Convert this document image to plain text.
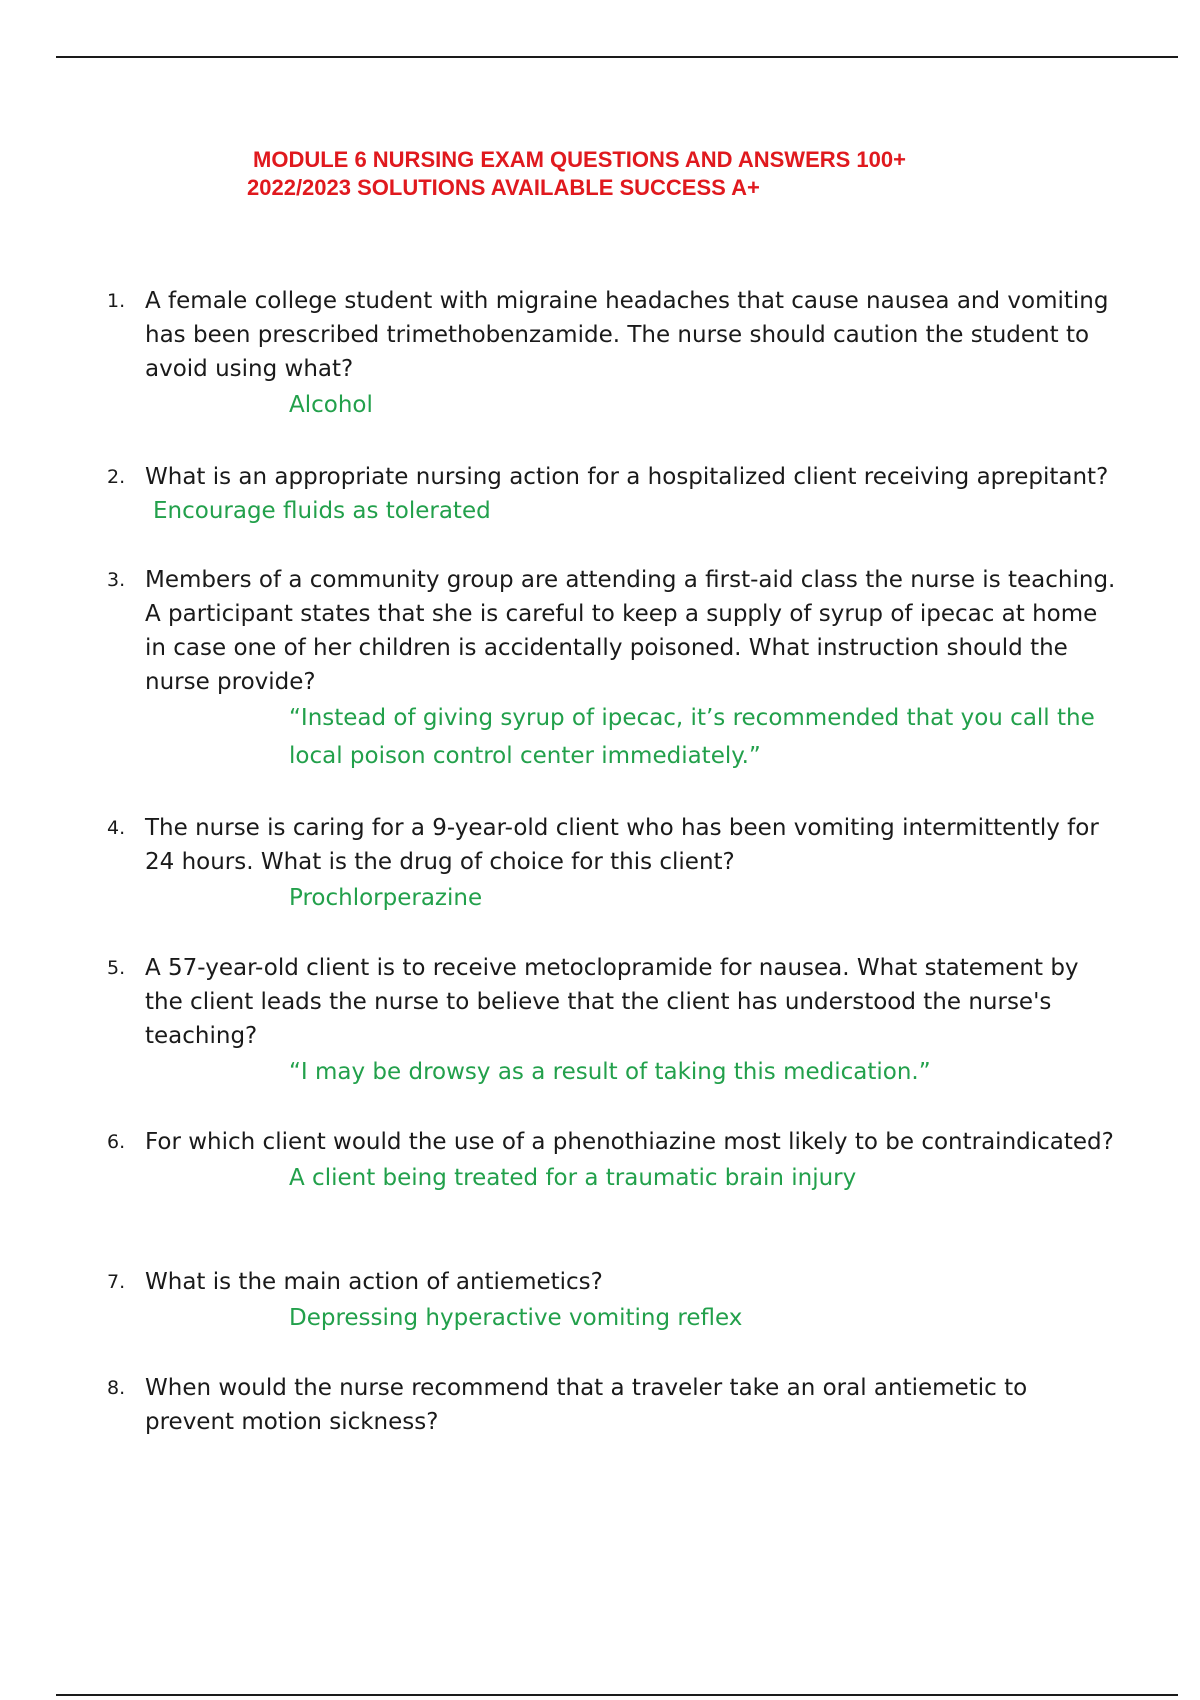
MODULE 6 NURSING EXAM QUESTIONS AND ANSWERS 100+
2022/2023 SOLUTIONS AVAILABLE SUCCESS A+
1. A female college student with migraine headaches that cause nausea and vomiting has been prescribed trimethobenzamide. The nurse should caution the student to avoid using what?
Alcohol
2. What is an appropriate nursing action for a hospitalized client receiving aprepitant?Encourage fluids as tolerated
3. Members of a community group are attending a first-aid class the nurse is teaching. A participant states that she is careful to keep a supply of syrup of ipecac at home in case one of her children is accidentally poisoned. What instruction should the nurse provide?
“Instead of giving syrup of ipecac, it’s recommended that you call the local poison control center immediately.”
4. The nurse is caring for a 9-year-old client who has been vomiting intermittently for 24 hours. What is the drug of choice for this client?
Prochlorperazine
5. A 57-year-old client is to receive metoclopramide for nausea. What statement by the client leads the nurse to believe that the client has understood the nurse's teaching?
“I may be drowsy as a result of taking this medication.”
6. For which client would the use of a phenothiazine most likely to be contraindicated?
A client being treated for a traumatic brain injury
7. What is the main action of antiemetics?
Depressing hyperactive vomiting reflex
8. When would the nurse recommend that a traveler take an oral antiemetic to prevent motion sickness?
